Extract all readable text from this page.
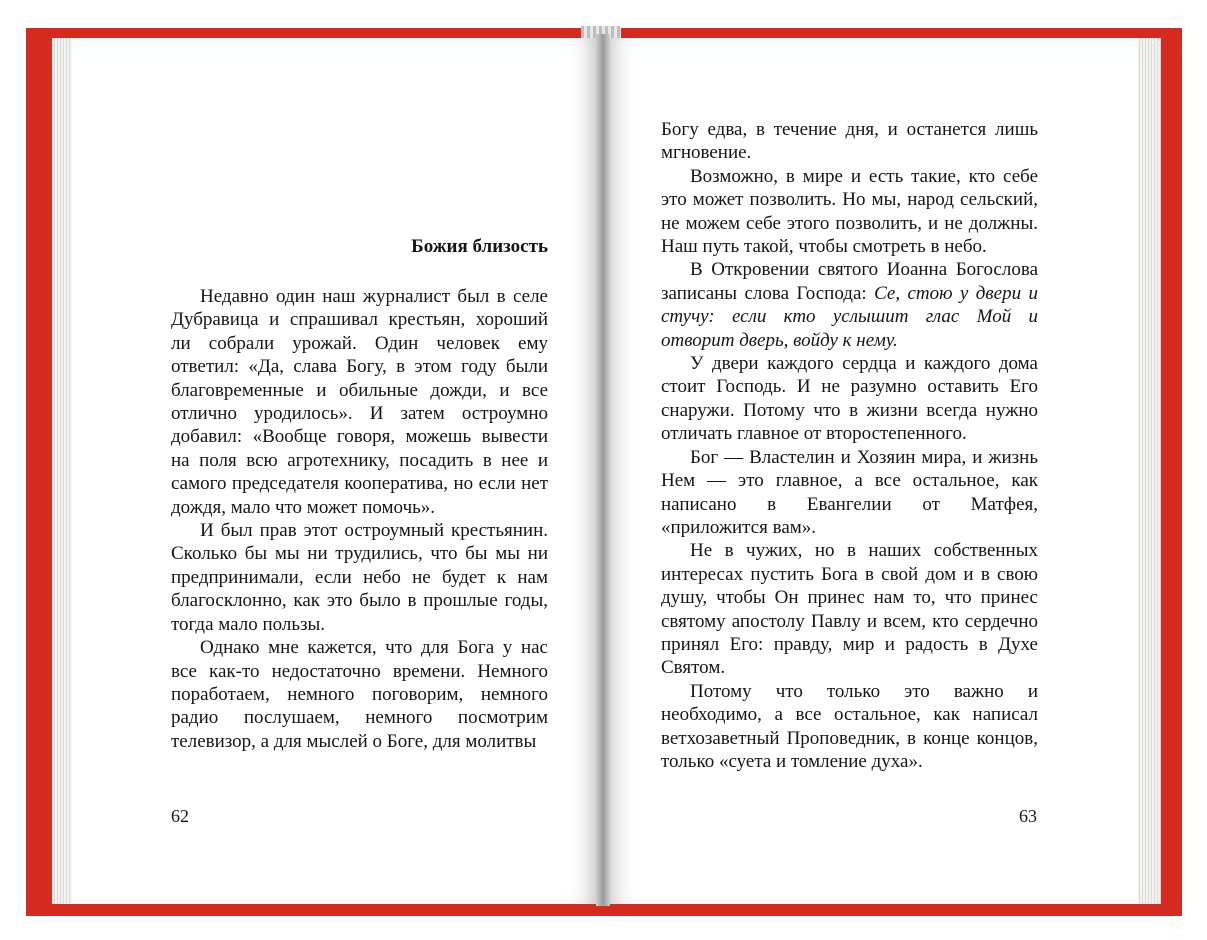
Божия близость

Недавно один наш журналист был в селе Дубравица и спрашивал крестьян, хороший ли собрали урожай. Один человек ему ответил: «Да, слава Богу, в этом году были благовременные и обильные дожди, и все отлично уродилось». И затем остроумно добавил: «Вообще говоря, можешь вывести на поля всю агротехнику, посадить в нее и самого председателя кооператива, но если нет дождя, мало что может помочь».

И был прав этот остроумный крестьянин. Сколько бы мы ни трудились, что бы мы ни предпринимали, если небо не будет к нам благосклонно, как это было в прошлые годы, тогда мало пользы.

Однако мне кажется, что для Бога у нас все как-то недостаточно времени. Немного поработаем, немного поговорим, немного радио послушаем, немного посмотрим телевизор, а для мыслей о Боге, для молитвы

62

Богу едва, в течение дня, и останется лишь мгновение.

Возможно, в мире и есть такие, кто себе это может позволить. Но мы, народ сельский, не можем себе этого позволить, и не должны. Наш путь такой, чтобы смотреть в небо.

В Откровении святого Иоанна Богослова записаны слова Господа: Се, стою у двери и стучу: если кто услышит глас Мой и отворит дверь, войду к нему.

У двери каждого сердца и каждого дома стоит Господь. И не разумно оставить Его снаружи. Потому что в жизни всегда нужно отличать главное от второстепенного.

Бог — Властелин и Хозяин мира, и жизнь Нем — это главное, а все остальное, как написано в Евангелии от Матфея, «приложится вам».

Не в чужих, но в наших собственных интересах пустить Бога в свой дом и в свою душу, чтобы Он принес нам то, что принес святому апостолу Павлу и всем, кто сердечно принял Его: правду, мир и радость в Духе Святом.

Потому что только это важно и необходимо, а все остальное, как написал ветхозаветный Проповедник, в конце концов, только «суета и томление духа».

63
